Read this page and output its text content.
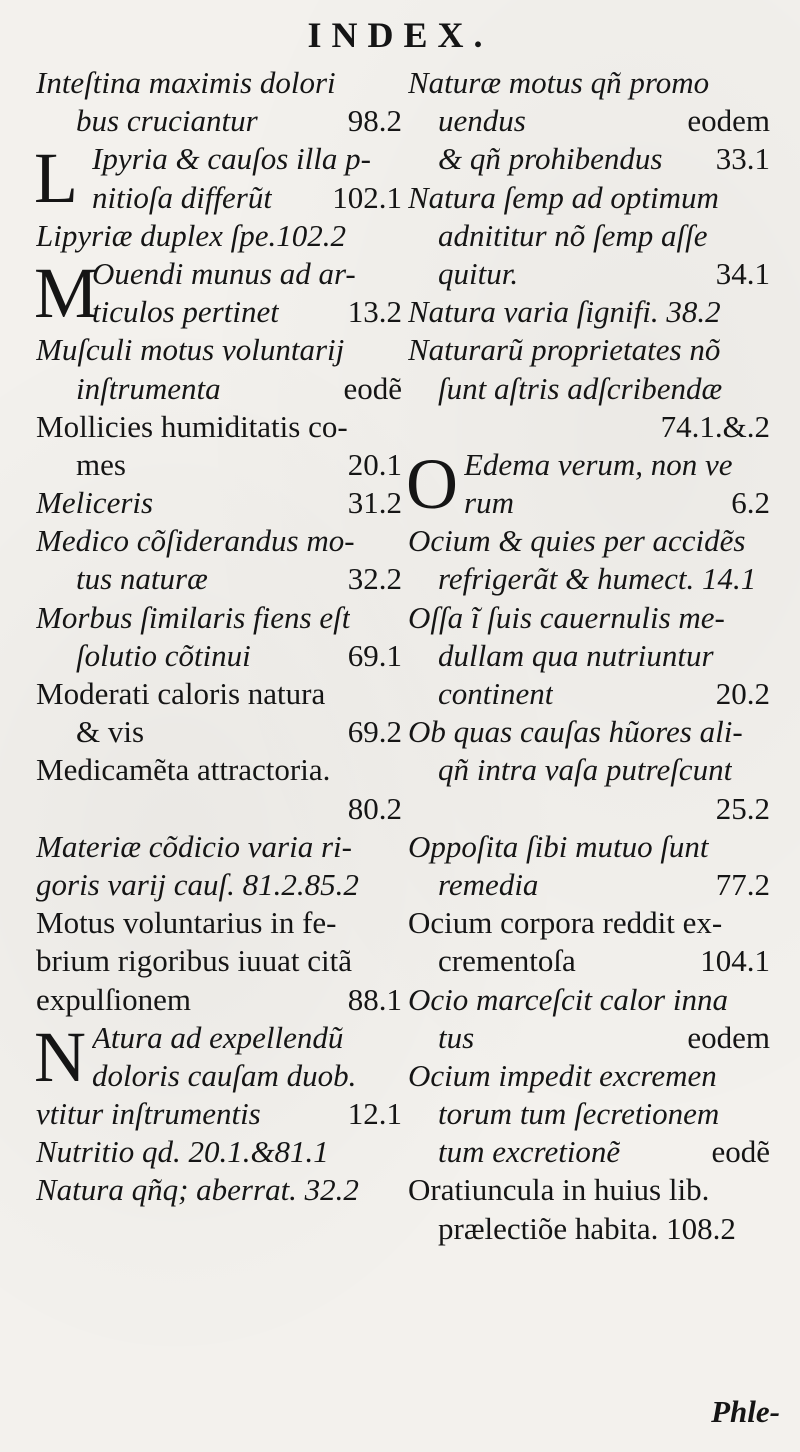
INDEX.
Inteſtina maximis dolori
bus cruciantur	98.2
L Ipyria & cauſos illa p-
nitioſa differũt 102.1
Lipyriæ duplex ſpe.102.2
M
Ouendi munus ad ar-
ticulos pertinet 13.2
Muſculi motus voluntarij
inſtrumenta	eodẽ
Mollicies humiditatis co-
mes	20.1
Meliceris	31.2
Medico cõſiderandus mo-
tus naturæ	32.2
Morbus ſimilaris fiens eſt
ſolutio cõtinui	69.1
Moderati caloris natura
& vis	69.2
Medicamẽta attractoria.
80.2
Materiæ cõdicio varia ri-
goris varij cauſ. 81.2.85.2
Motus voluntarius in fe-
brium rigoribus iuuat citã
expulſionem	88.1
N Atura ad expellendũ
doloris cauſam duob.
vtitur inſtrumentis	12.1
Nutritio qd. 20.1.&81.1
Natura qñq; aberrat. 32.2
Naturæ motus qñ promo
uendus	eodem
& qñ prohibendus 33.1
Natura ſemp ad optimum
adnititur nõ ſemp aſſe
quitur.	34.1
Natura varia ſignifi. 38.2
Naturarũ proprietates nõ
ſunt aſtris adſcribendæ
74.1.&.2
O Edema verum, non ve
rum	6.2
Ocium & quies per accidẽs
refrigerãt & humect. 14.1
Oſſa ĩ ſuis cauernulis me-
dullam qua nutriuntur
continent	20.2
Ob quas cauſas hũores ali-
qñ intra vaſa putreſcunt
25.2
Oppoſita ſibi mutuo ſunt
remedia	77.2
Ocium corpora reddit ex-
crementoſa	104.1
Ocio marceſcit calor inna
tus	eodem
Ocium impedit excremen
torum tum ſecretionem
tum excretionẽ	eodẽ
Oratiuncula in huius lib.
prælectiõe habita. 108.2
Phle-
